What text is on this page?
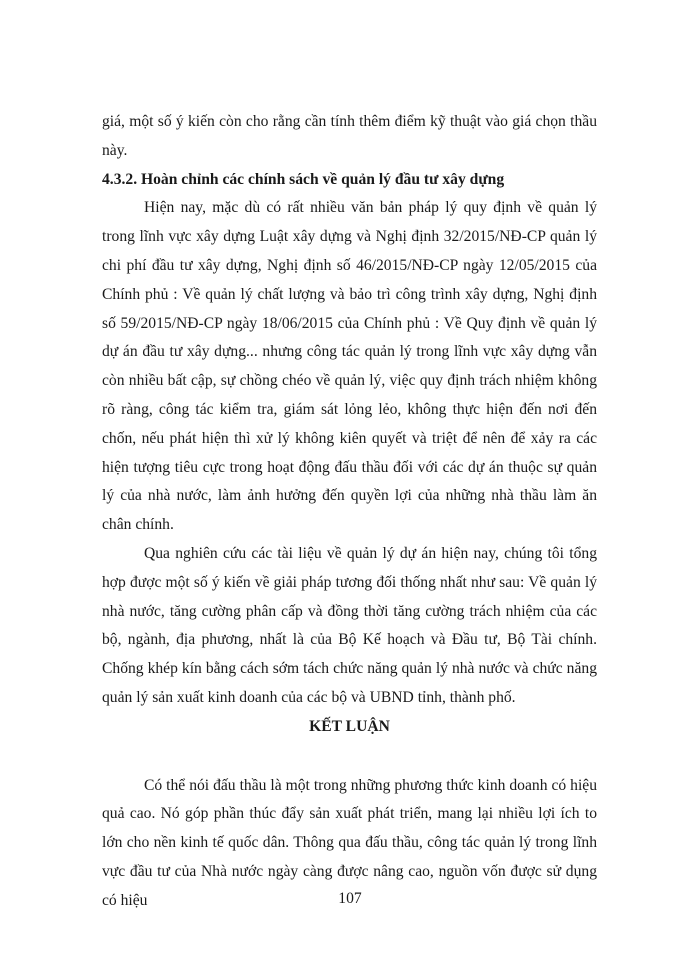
giá, một số ý kiến còn cho rằng cần tính thêm điểm kỹ thuật vào giá chọn thầu này.

4.3.2. Hoàn chỉnh các chính sách về quản lý đầu tư xây dựng

Hiện nay, mặc dù có rất nhiều văn bản pháp lý quy định về quản lý trong lĩnh vực xây dựng Luật xây dựng và Nghị định 32/2015/NĐ-CP quản lý chi phí đầu tư xây dựng, Nghị định số 46/2015/NĐ-CP ngày 12/05/2015 của Chính phủ : Về quản lý chất lượng và bảo trì công trình xây dựng, Nghị định số 59/2015/NĐ-CP ngày 18/06/2015 của Chính phủ : Về Quy định về quản lý dự án đầu tư xây dựng... nhưng công tác quản lý trong lĩnh vực xây dựng vẫn còn nhiều bất cập, sự chồng chéo về quản lý, việc quy định trách nhiệm không rõ ràng, công tác kiểm tra, giám sát lỏng lẻo, không thực hiện đến nơi đến chốn, nếu phát hiện thì xử lý không kiên quyết và triệt để nên để xảy ra các hiện tượng tiêu cực trong hoạt động đấu thầu đối với các dự án thuộc sự quản lý của nhà nước, làm ảnh hưởng đến quyền lợi của những nhà thầu làm ăn chân chính.

Qua nghiên cứu các tài liệu về quản lý dự án hiện nay, chúng tôi tổng hợp được một số ý kiến về giải pháp tương đối thống nhất như sau: Về quản lý nhà nước, tăng cường phân cấp và đồng thời tăng cường trách nhiệm của các bộ, ngành, địa phương, nhất là của Bộ Kế hoạch và Đầu tư, Bộ Tài chính. Chống khép kín bằng cách sớm tách chức năng quản lý nhà nước và chức năng quản lý sản xuất kinh doanh của các bộ và UBND tỉnh, thành phố.

KẾT LUẬN

Có thể nói đấu thầu là một trong những phương thức kinh doanh có hiệu quả cao. Nó góp phần thúc đẩy sản xuất phát triển, mang lại nhiều lợi ích to lớn cho nền kinh tế quốc dân. Thông qua đấu thầu, công tác quản lý trong lĩnh vực đầu tư của Nhà nước ngày càng được nâng cao, nguồn vốn được sử dụng có hiệu	107
